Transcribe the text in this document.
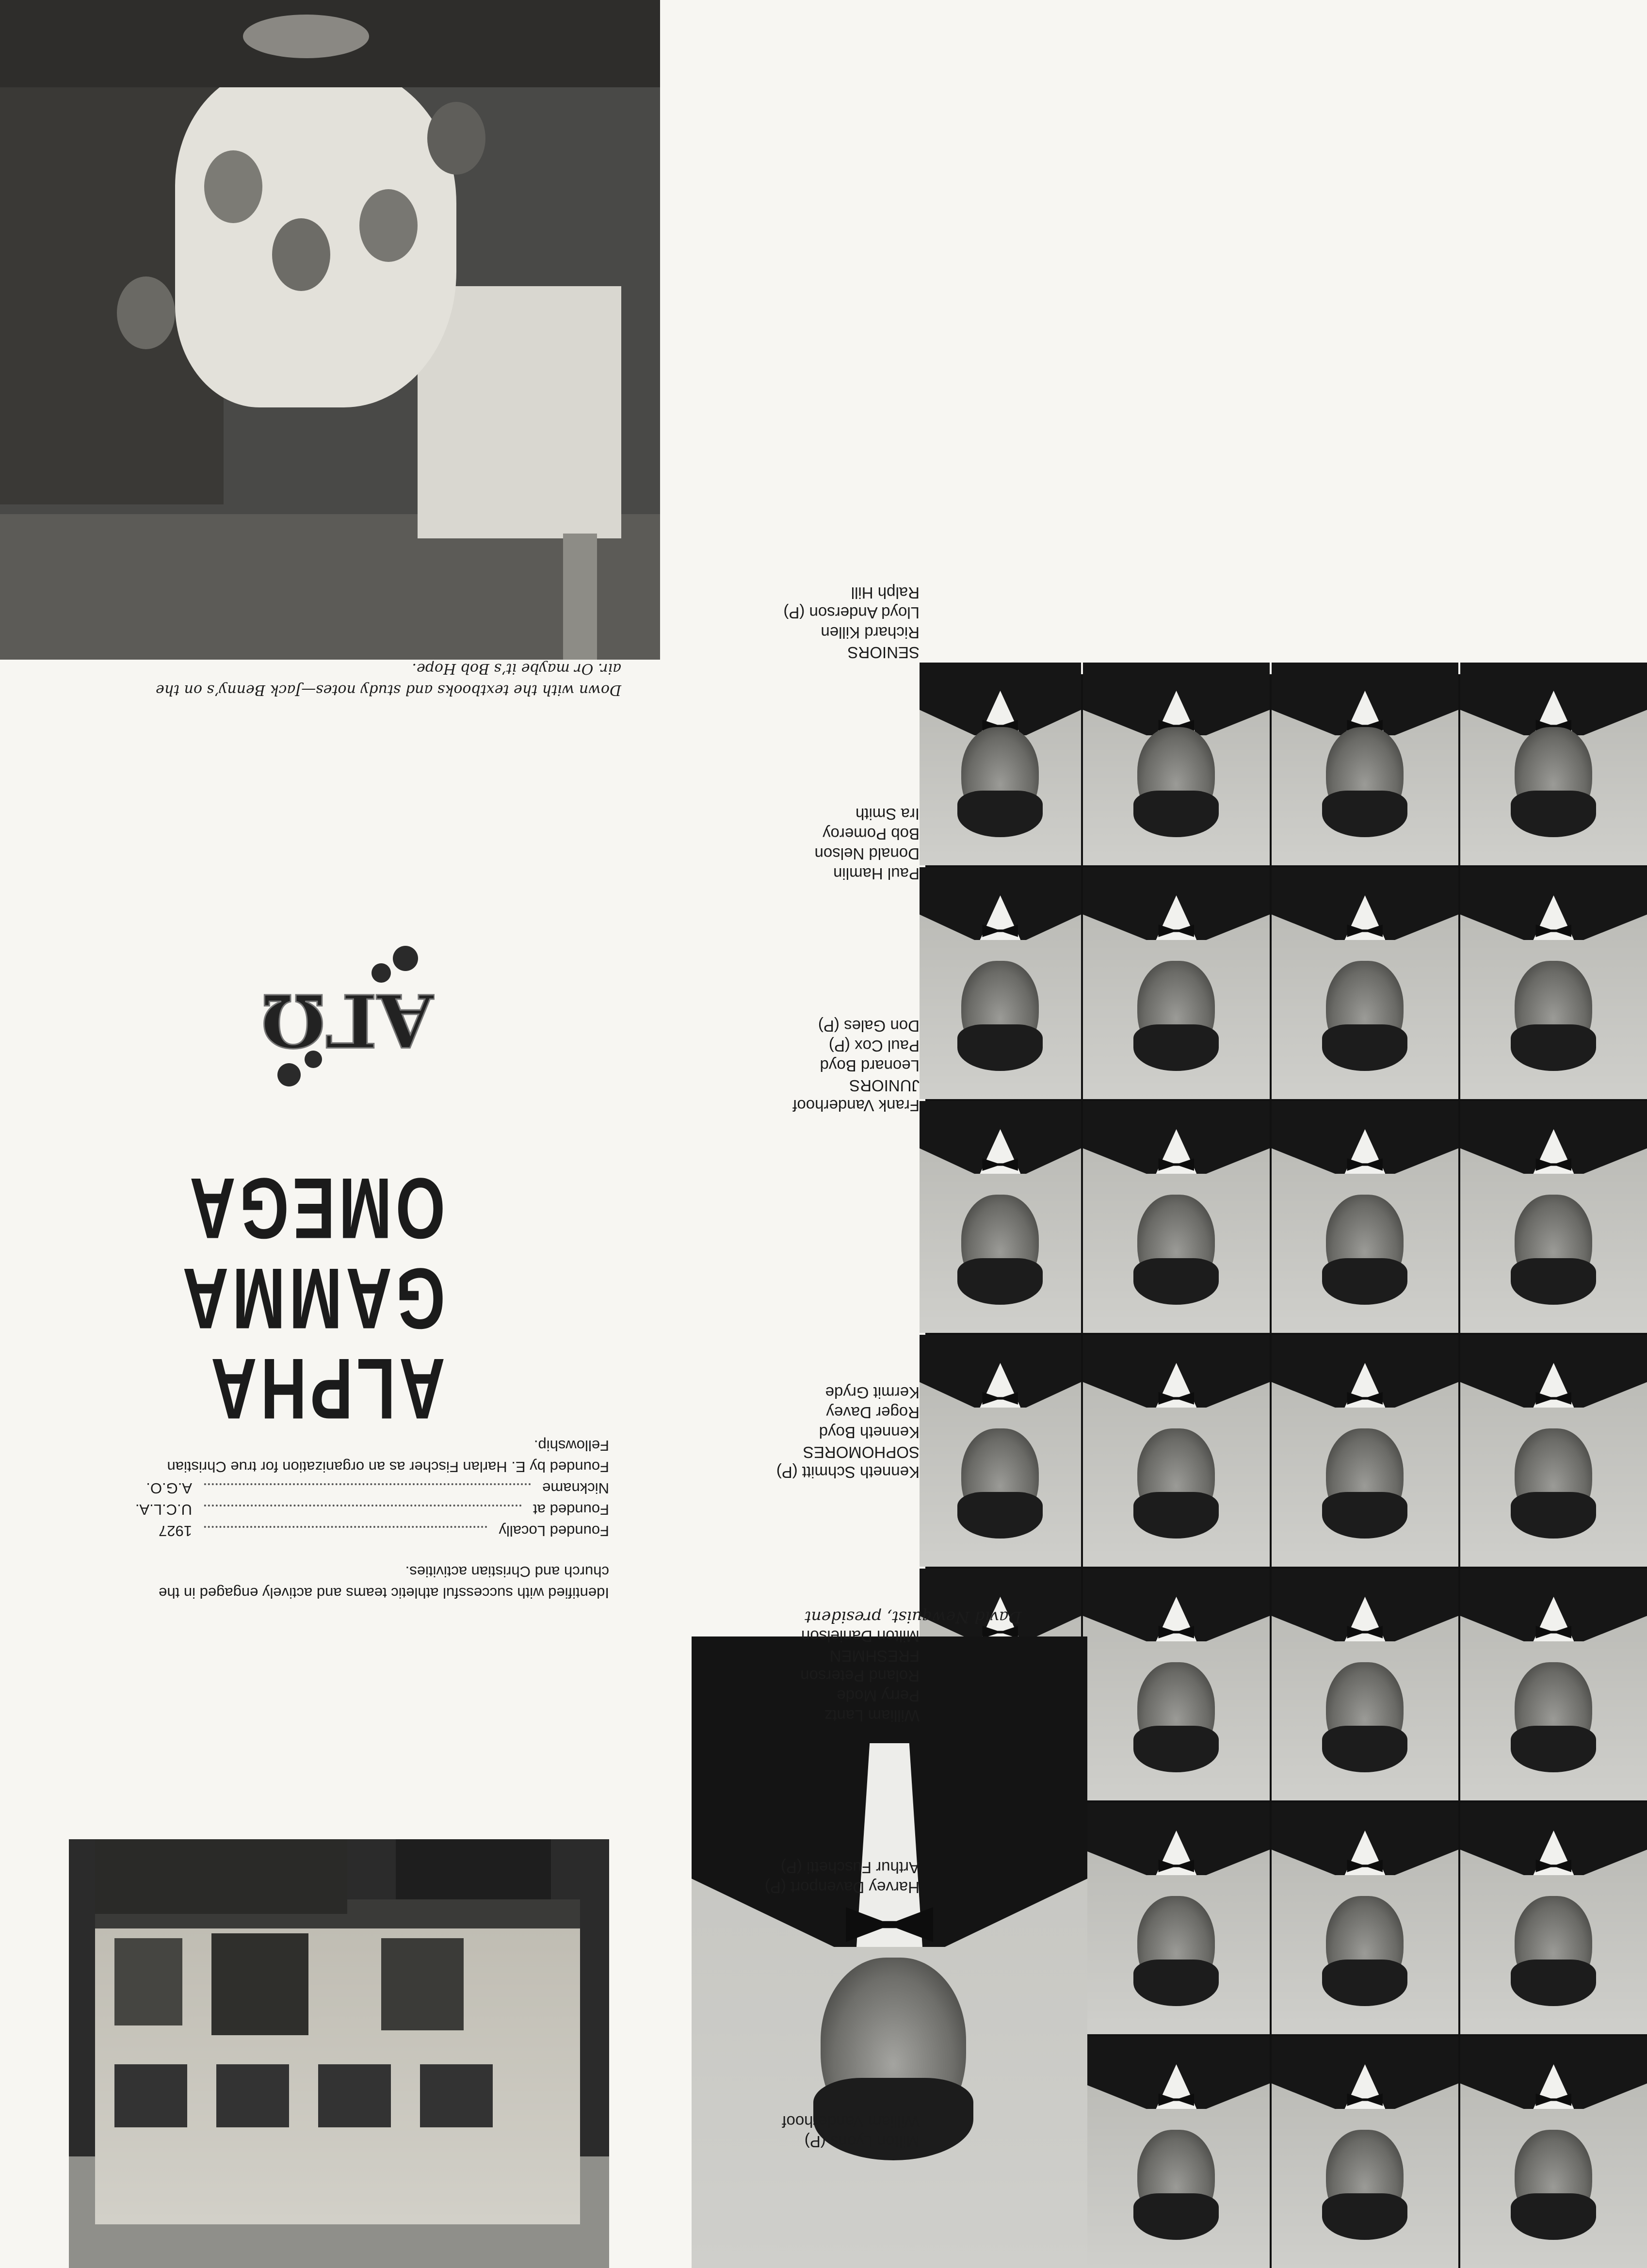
ALPHA
GAMMA
OMEGA
ΑΓΩ
Down with the textbooks and study notes—Jack Benny’s on the
air. Or maybe it’s Bob Hope.
SENIORS
Richard Killen
Lloyd Anderson (P)
Ralph Hill
Paul Hamlin
Donald Nelson
Bob Pomeroy
Ira Smith
Frank Vanderhoof
JUNIORS
Leonard Boyd
Paul Cox (P)
Don Gales (P)
Kenneth Schmitt (P)
SOPHOMORES
Kenneth Boyd
Roger Davey
Kermit Gryde
William Lantz
Perry Mode
Roland Peterson
FRESHMEN
Milton Danielson
Harvey Davenport (P)
Arthur Fuschetti (P)
Milton Lyons (P)
William Vanderhoof
David Newquist, president
Identified with successful athletic teams and actively engaged in the
church and Christian activities.
Founded Locally
1927
Founded at
U.C.L.A.
Nickname
A.G.O.
Founded by E. Harlan Fischer as an organization for true Christian
Fellowship.
